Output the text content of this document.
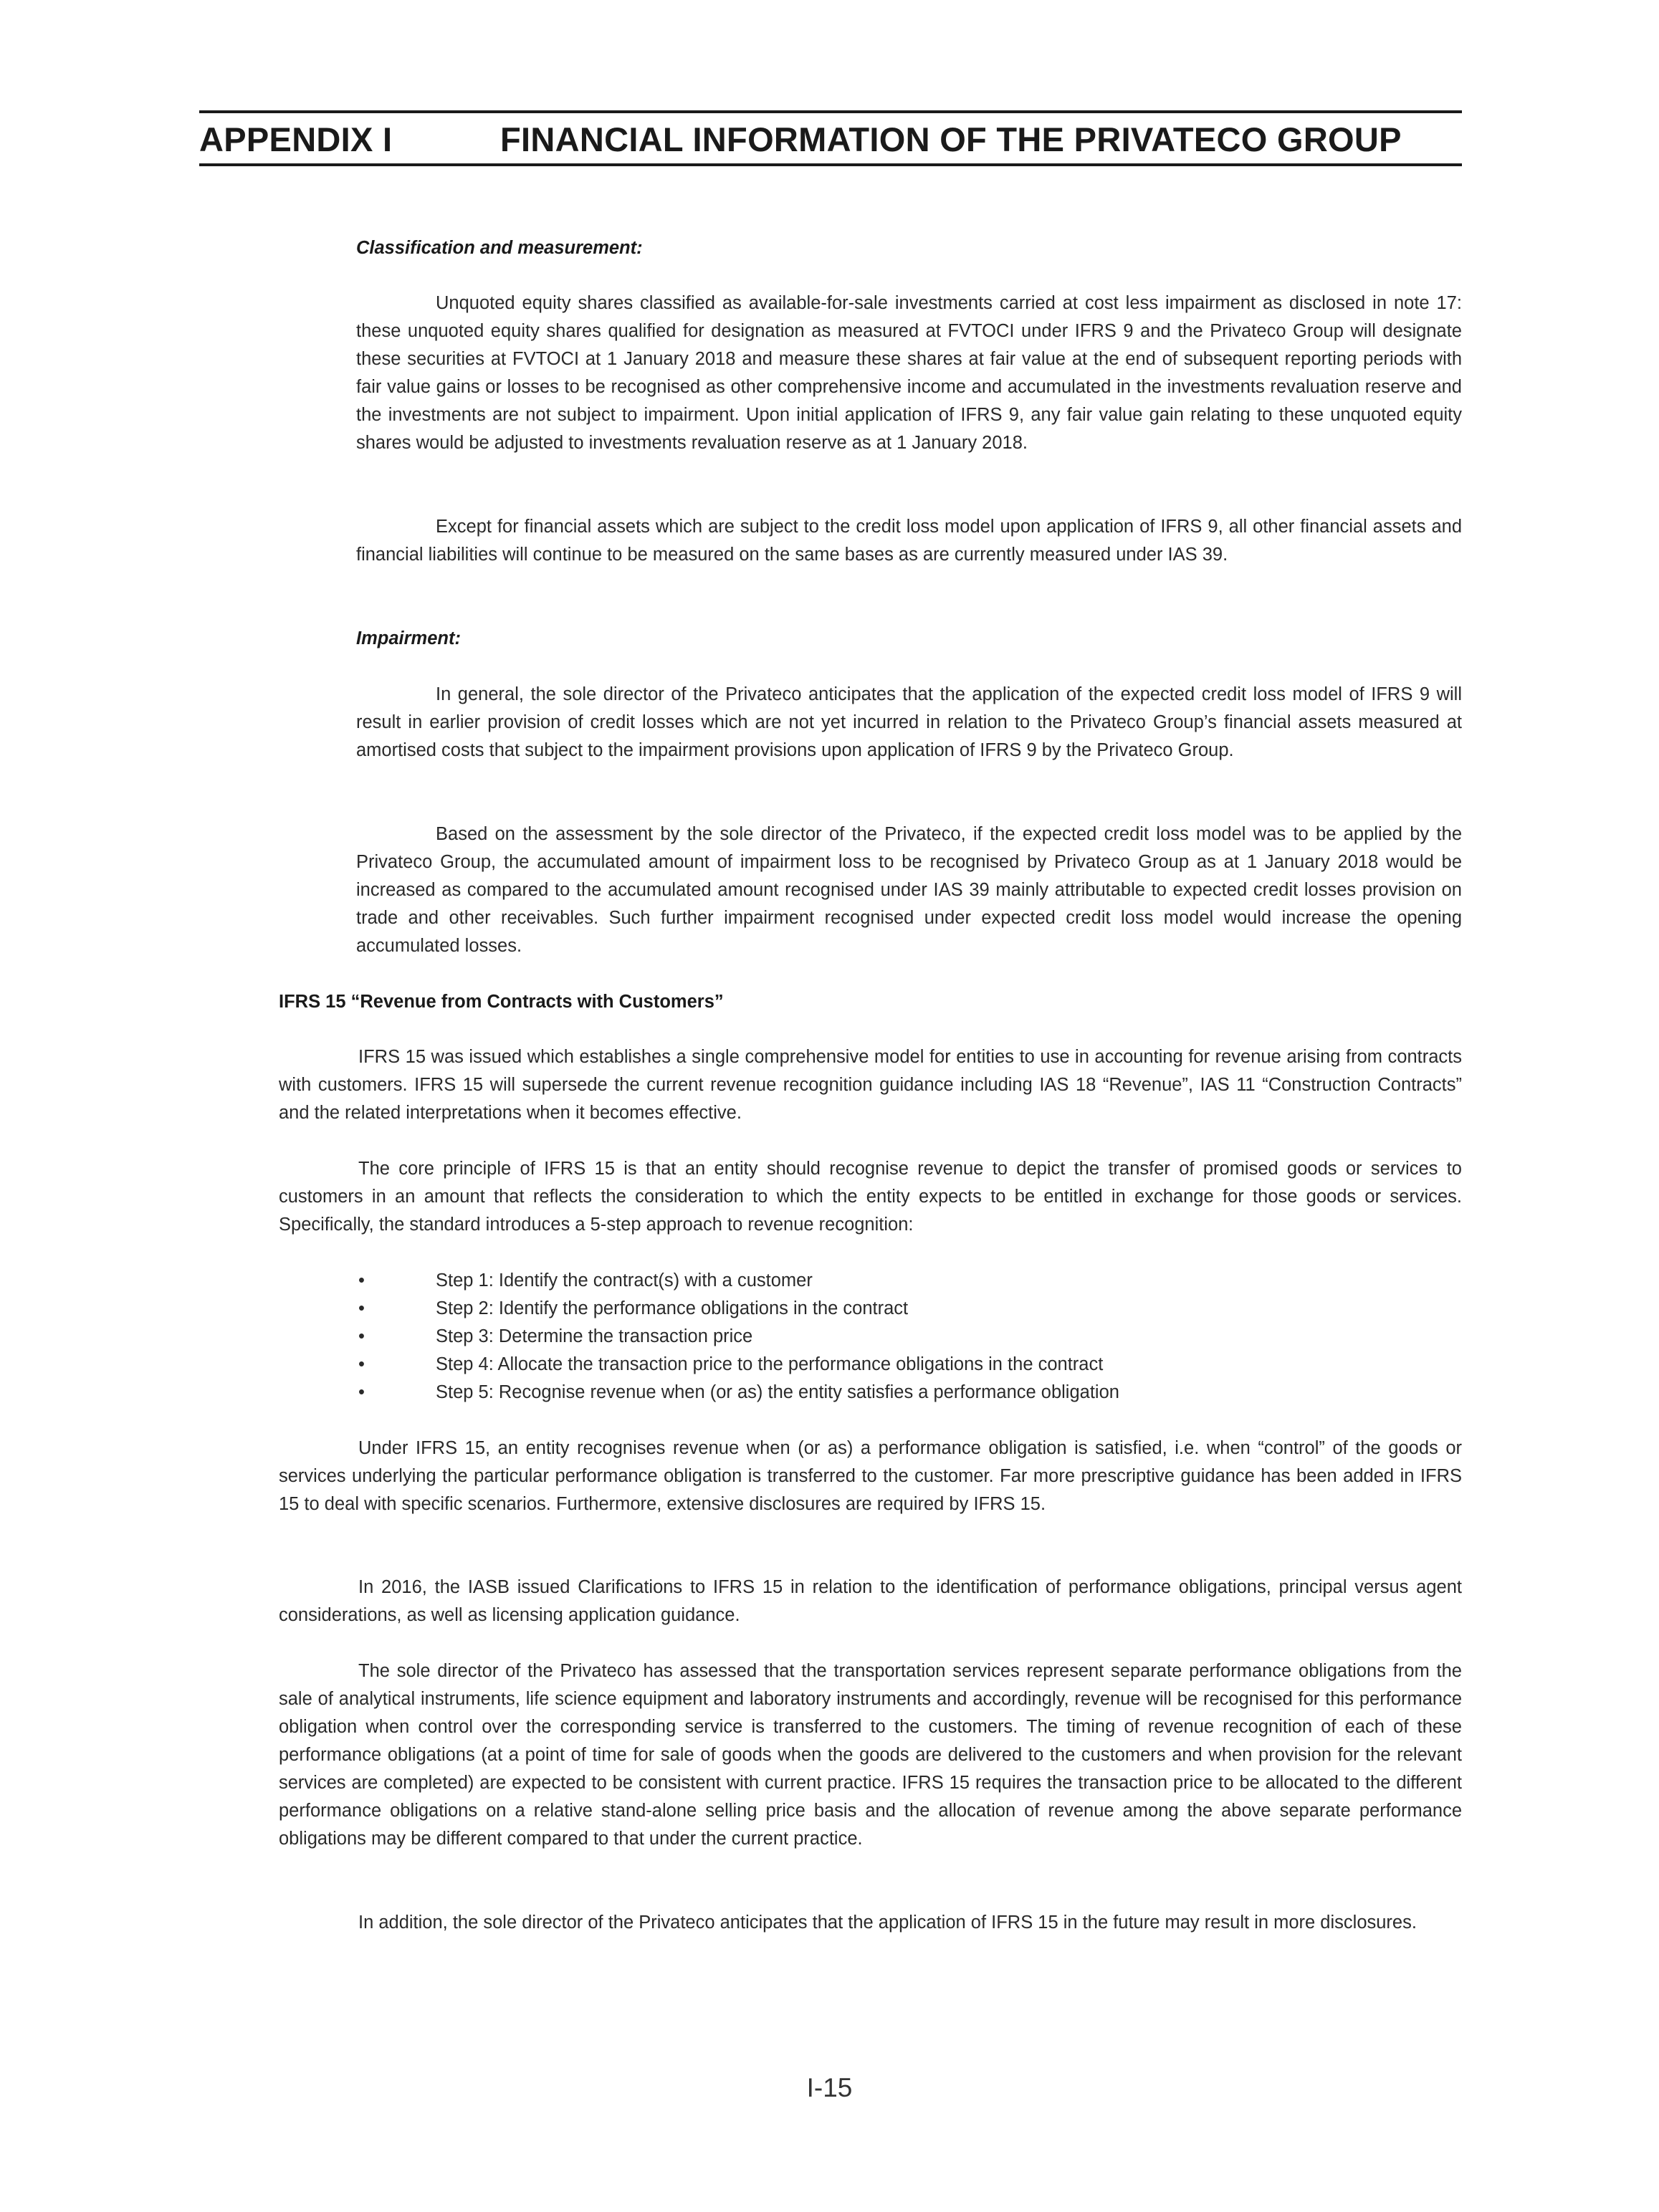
APPENDIX I	FINANCIAL INFORMATION OF THE PRIVATECO GROUP
Classification and measurement:

Unquoted equity shares classified as available-for-sale investments carried at cost less impairment as disclosed in note 17: these unquoted equity shares qualified for designation as measured at FVTOCI under IFRS 9 and the Privateco Group will designate these securities at FVTOCI at 1 January 2018 and measure these shares at fair value at the end of subsequent reporting periods with fair value gains or losses to be recognised as other comprehensive income and accumulated in the investments revaluation reserve and the investments are not subject to impairment. Upon initial application of IFRS 9, any fair value gain relating to these unquoted equity shares would be adjusted to investments revaluation reserve as at 1 January 2018.

Except for financial assets which are subject to the credit loss model upon application of IFRS 9, all other financial assets and financial liabilities will continue to be measured on the same bases as are currently measured under IAS 39.

Impairment:

In general, the sole director of the Privateco anticipates that the application of the expected credit loss model of IFRS 9 will result in earlier provision of credit losses which are not yet incurred in relation to the Privateco Group’s financial assets measured at amortised costs that subject to the impairment provisions upon application of IFRS 9 by the Privateco Group.

Based on the assessment by the sole director of the Privateco, if the expected credit loss model was to be applied by the Privateco Group, the accumulated amount of impairment loss to be recognised by Privateco Group as at 1 January 2018 would be increased as compared to the accumulated amount recognised under IAS 39 mainly attributable to expected credit losses provision on trade and other receivables. Such further impairment recognised under expected credit loss model would increase the opening accumulated losses.

IFRS 15 “Revenue from Contracts with Customers”

IFRS 15 was issued which establishes a single comprehensive model for entities to use in accounting for revenue arising from contracts with customers. IFRS 15 will supersede the current revenue recognition guidance including IAS 18 “Revenue”, IAS 11 “Construction Contracts” and the related interpretations when it becomes effective.

The core principle of IFRS 15 is that an entity should recognise revenue to depict the transfer of promised goods or services to customers in an amount that reflects the consideration to which the entity expects to be entitled in exchange for those goods or services. Specifically, the standard introduces a 5-step approach to revenue recognition:

•	Step 1: Identify the contract(s) with a customer
•	Step 2: Identify the performance obligations in the contract
•	Step 3: Determine the transaction price
•	Step 4: Allocate the transaction price to the performance obligations in the contract
•	Step 5: Recognise revenue when (or as) the entity satisfies a performance obligation

Under IFRS 15, an entity recognises revenue when (or as) a performance obligation is satisfied, i.e. when “control” of the goods or services underlying the particular performance obligation is transferred to the customer. Far more prescriptive guidance has been added in IFRS 15 to deal with specific scenarios. Furthermore, extensive disclosures are required by IFRS 15.

In 2016, the IASB issued Clarifications to IFRS 15 in relation to the identification of performance obligations, principal versus agent considerations, as well as licensing application guidance.

The sole director of the Privateco has assessed that the transportation services represent separate performance obligations from the sale of analytical instruments, life science equipment and laboratory instruments and accordingly, revenue will be recognised for this performance obligation when control over the corresponding service is transferred to the customers. The timing of revenue recognition of each of these performance obligations (at a point of time for sale of goods when the goods are delivered to the customers and when provision for the relevant services are completed) are expected to be consistent with current practice. IFRS 15 requires the transaction price to be allocated to the different performance obligations on a relative stand-alone selling price basis and the allocation of revenue among the above separate performance obligations may be different compared to that under the current practice.

In addition, the sole director of the Privateco anticipates that the application of IFRS 15 in the future may result in more disclosures.

I-15
